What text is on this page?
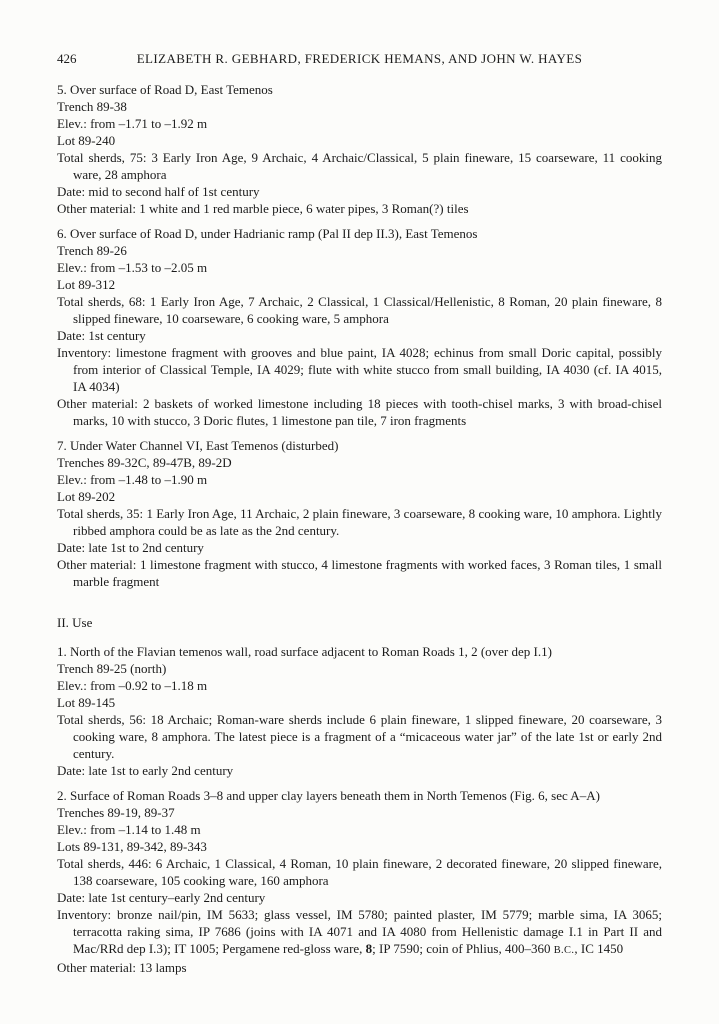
426	ELIZABETH R. GEBHARD, FREDERICK HEMANS, AND JOHN W. HAYES

5. Over surface of Road D, East Temenos

Trench 89-38

Elev.: from –1.71 to –1.92 m

Lot 89-240

Total sherds, 75: 3 Early Iron Age, 9 Archaic, 4 Archaic/Classical, 5 plain fineware, 15 coarseware, 11 cooking ware, 28 amphora

Date: mid to second half of 1st century

Other material: 1 white and 1 red marble piece, 6 water pipes, 3 Roman(?) tiles

6. Over surface of Road D, under Hadrianic ramp (Pal II dep II.3), East Temenos

Trench 89-26

Elev.: from –1.53 to –2.05 m

Lot 89-312

Total sherds, 68: 1 Early Iron Age, 7 Archaic, 2 Classical, 1 Classical/Hellenistic, 8 Roman, 20 plain fineware, 8 slipped fineware, 10 coarseware, 6 cooking ware, 5 amphora

Date: 1st century

Inventory: limestone fragment with grooves and blue paint, IA 4028; echinus from small Doric capital, possibly from interior of Classical Temple, IA 4029; flute with white stucco from small building, IA 4030 (cf. IA 4015, IA 4034)

Other material: 2 baskets of worked limestone including 18 pieces with tooth-chisel marks, 3 with broad-chisel marks, 10 with stucco, 3 Doric flutes, 1 limestone pan tile, 7 iron fragments

7. Under Water Channel VI, East Temenos (disturbed)

Trenches 89-32C, 89-47B, 89-2D

Elev.: from –1.48 to –1.90 m

Lot 89-202

Total sherds, 35: 1 Early Iron Age, 11 Archaic, 2 plain fineware, 3 coarseware, 8 cooking ware, 10 amphora. Lightly ribbed amphora could be as late as the 2nd century.

Date: late 1st to 2nd century

Other material: 1 limestone fragment with stucco, 4 limestone fragments with worked faces, 3 Roman tiles, 1 small marble fragment

II. Use

1. North of the Flavian temenos wall, road surface adjacent to Roman Roads 1, 2 (over dep I.1)

Trench 89-25 (north)

Elev.: from –0.92 to –1.18 m

Lot 89-145

Total sherds, 56: 18 Archaic; Roman-ware sherds include 6 plain fineware, 1 slipped fineware, 20 coarseware, 3 cooking ware, 8 amphora. The latest piece is a fragment of a “micaceous water jar” of the late 1st or early 2nd century.

Date: late 1st to early 2nd century

2. Surface of Roman Roads 3–8 and upper clay layers beneath them in North Temenos (Fig. 6, sec A–A)

Trenches 89-19, 89-37

Elev.: from –1.14 to 1.48 m

Lots 89-131, 89-342, 89-343

Total sherds, 446: 6 Archaic, 1 Classical, 4 Roman, 10 plain fineware, 2 decorated fineware, 20 slipped fineware, 138 coarseware, 105 cooking ware, 160 amphora

Date: late 1st century–early 2nd century

Inventory: bronze nail/pin, IM 5633; glass vessel, IM 5780; painted plaster, IM 5779; marble sima, IA 3065; terracotta raking sima, IP 7686 (joins with IA 4071 and IA 4080 from Hellenistic damage I.1 in Part II and Mac/RRd dep I.3); IT 1005; Pergamene red-gloss ware, 8; IP 7590; coin of Phlius, 400–360 B.C., IC 1450

Other material: 13 lamps
